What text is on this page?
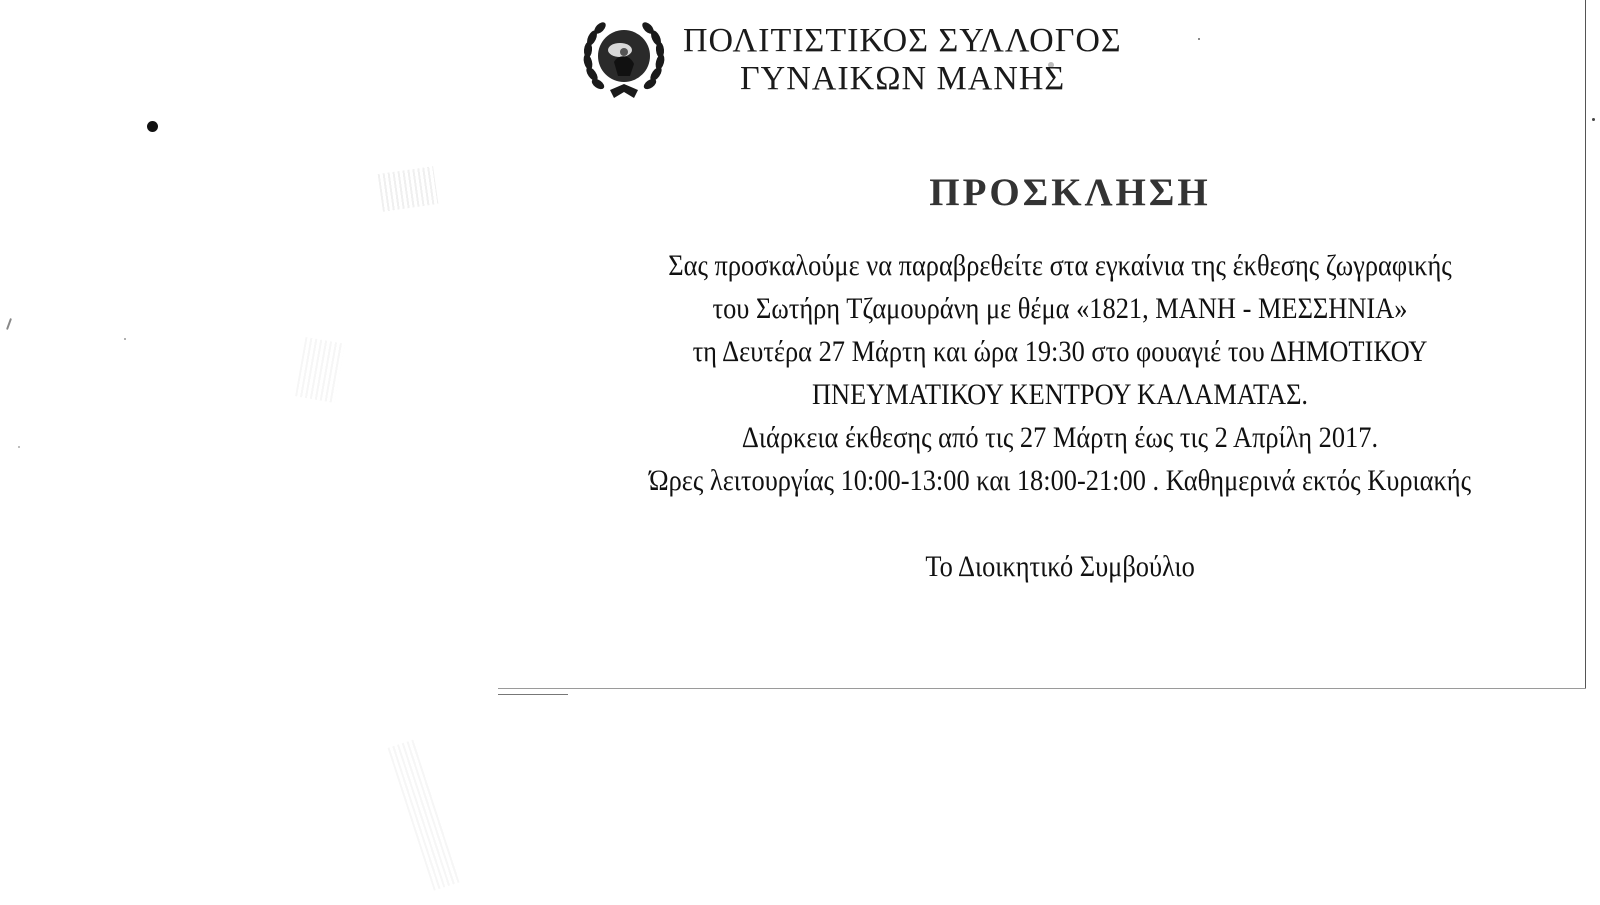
ΠΟΛΙΤΙΣΤΙΚΟΣ ΣΥΛΛΟΓΟΣ
ΓΥΝΑΙΚΩΝ ΜΑΝΗΣ
ΠΡΟΣΚΛΗΣΗ
Σας προσκαλούμε να παραβρεθείτε στα εγκαίνια της έκθεσης ζωγραφικής
του Σωτήρη Τζαμουράνη με θέμα «1821, ΜΑΝΗ - ΜΕΣΣΗΝΙΑ»
τη Δευτέρα 27 Μάρτη και ώρα 19:30 στο φουαγιέ του ΔΗΜΟΤΙΚΟΥ
ΠΝΕΥΜΑΤΙΚΟΥ ΚΕΝΤΡΟΥ ΚΑΛΑΜΑΤΑΣ.
Διάρκεια έκθεσης από τις 27 Μάρτη έως τις 2 Απρίλη 2017.
Ώρες λειτουργίας 10:00-13:00 και 18:00-21:00 . Καθημερινά εκτός Κυριακής
Το Διοικητικό Συμβούλιο
